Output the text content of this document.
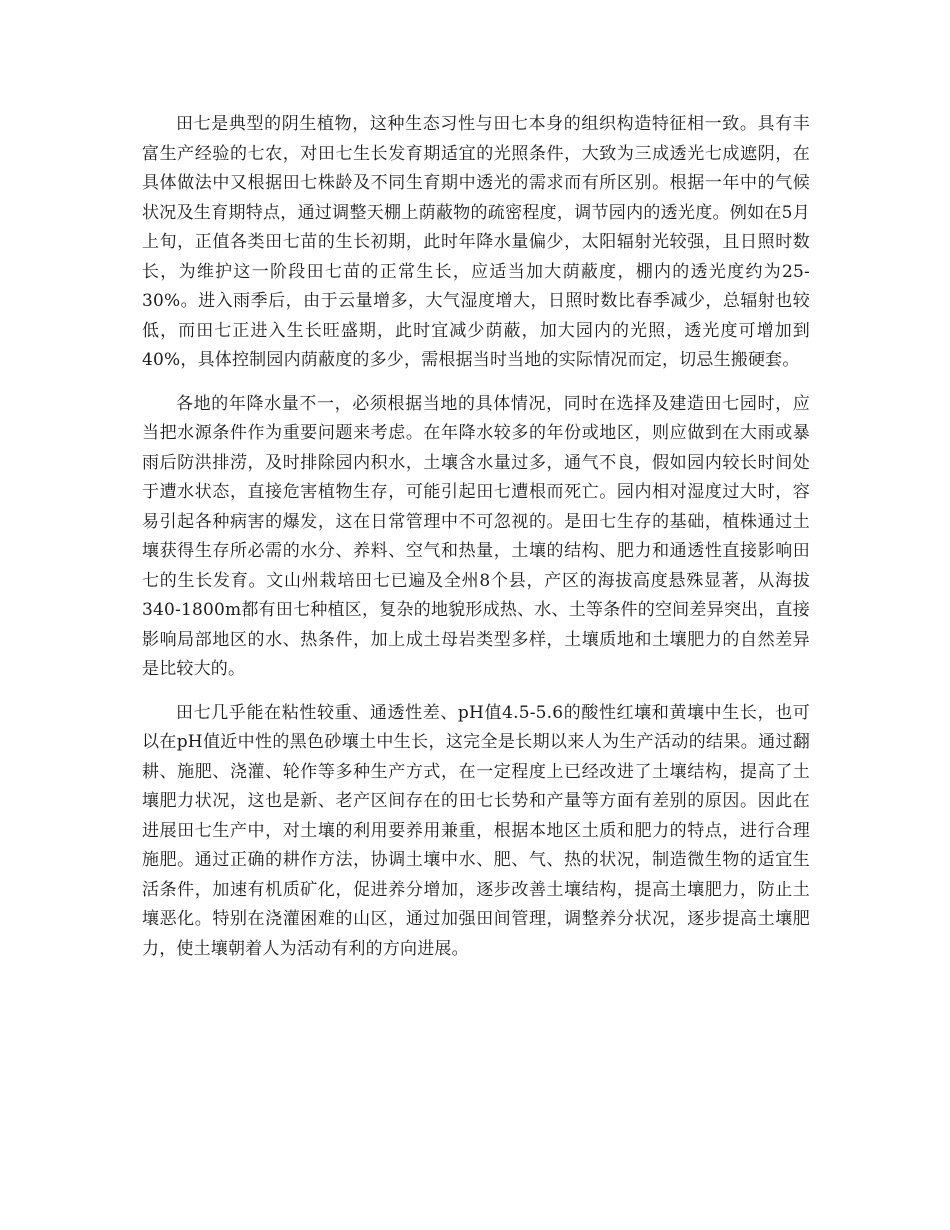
田七是典型的阴生植物，这种生态习性与田七本身的组织构造特征相一致。具有丰富生产经验的七农，对田七生长发育期适宜的光照条件，大致为三成透光七成遮阴，在具体做法中又根据田七株龄及不同生育期中透光的需求而有所区别。根据一年中的气候状况及生育期特点，通过调整天棚上荫蔽物的疏密程度，调节园内的透光度。例如在5月上旬，正值各类田七苗的生长初期，此时年降水量偏少，太阳辐射光较强，且日照时数长，为维护这一阶段田七苗的正常生长，应适当加大荫蔽度，棚内的透光度约为25-30%。进入雨季后，由于云量增多，大气湿度增大，日照时数比春季减少，总辐射也较低，而田七正进入生长旺盛期，此时宜减少荫蔽，加大园内的光照，透光度可增加到40%，具体控制园内荫蔽度的多少，需根据当时当地的实际情况而定，切忌生搬硬套。

各地的年降水量不一，必须根据当地的具体情况，同时在选择及建造田七园时，应当把水源条件作为重要问题来考虑。在年降水较多的年份或地区，则应做到在大雨或暴雨后防洪排涝，及时排除园内积水，土壤含水量过多，通气不良，假如园内较长时间处于遭水状态，直接危害植物生存，可能引起田七遭根而死亡。园内相对湿度过大时，容易引起各种病害的爆发，这在日常管理中不可忽视的。是田七生存的基础，植株通过土壤获得生存所必需的水分、养料、空气和热量，土壤的结构、肥力和通透性直接影响田七的生长发育。文山州栽培田七已遍及全州8个县，产区的海拔高度悬殊显著，从海拔340-1800m都有田七种植区，复杂的地貌形成热、水、土等条件的空间差异突出，直接影响局部地区的水、热条件，加上成土母岩类型多样，土壤质地和土壤肥力的自然差异是比较大的。

田七几乎能在粘性较重、通透性差、pH值4.5-5.6的酸性红壤和黄壤中生长，也可以在pH值近中性的黑色砂壤土中生长，这完全是长期以来人为生产活动的结果。通过翻耕、施肥、浇灌、轮作等多种生产方式，在一定程度上已经改进了土壤结构，提高了土壤肥力状况，这也是新、老产区间存在的田七长势和产量等方面有差别的原因。因此在进展田七生产中，对土壤的利用要养用兼重，根据本地区土质和肥力的特点，进行合理施肥。通过正确的耕作方法，协调土壤中水、肥、气、热的状况，制造微生物的适宜生活条件，加速有机质矿化，促进养分增加，逐步改善土壤结构，提高土壤肥力，防止土壤恶化。特别在浇灌困难的山区，通过加强田间管理，调整养分状况，逐步提高土壤肥力，使土壤朝着人为活动有利的方向进展。
